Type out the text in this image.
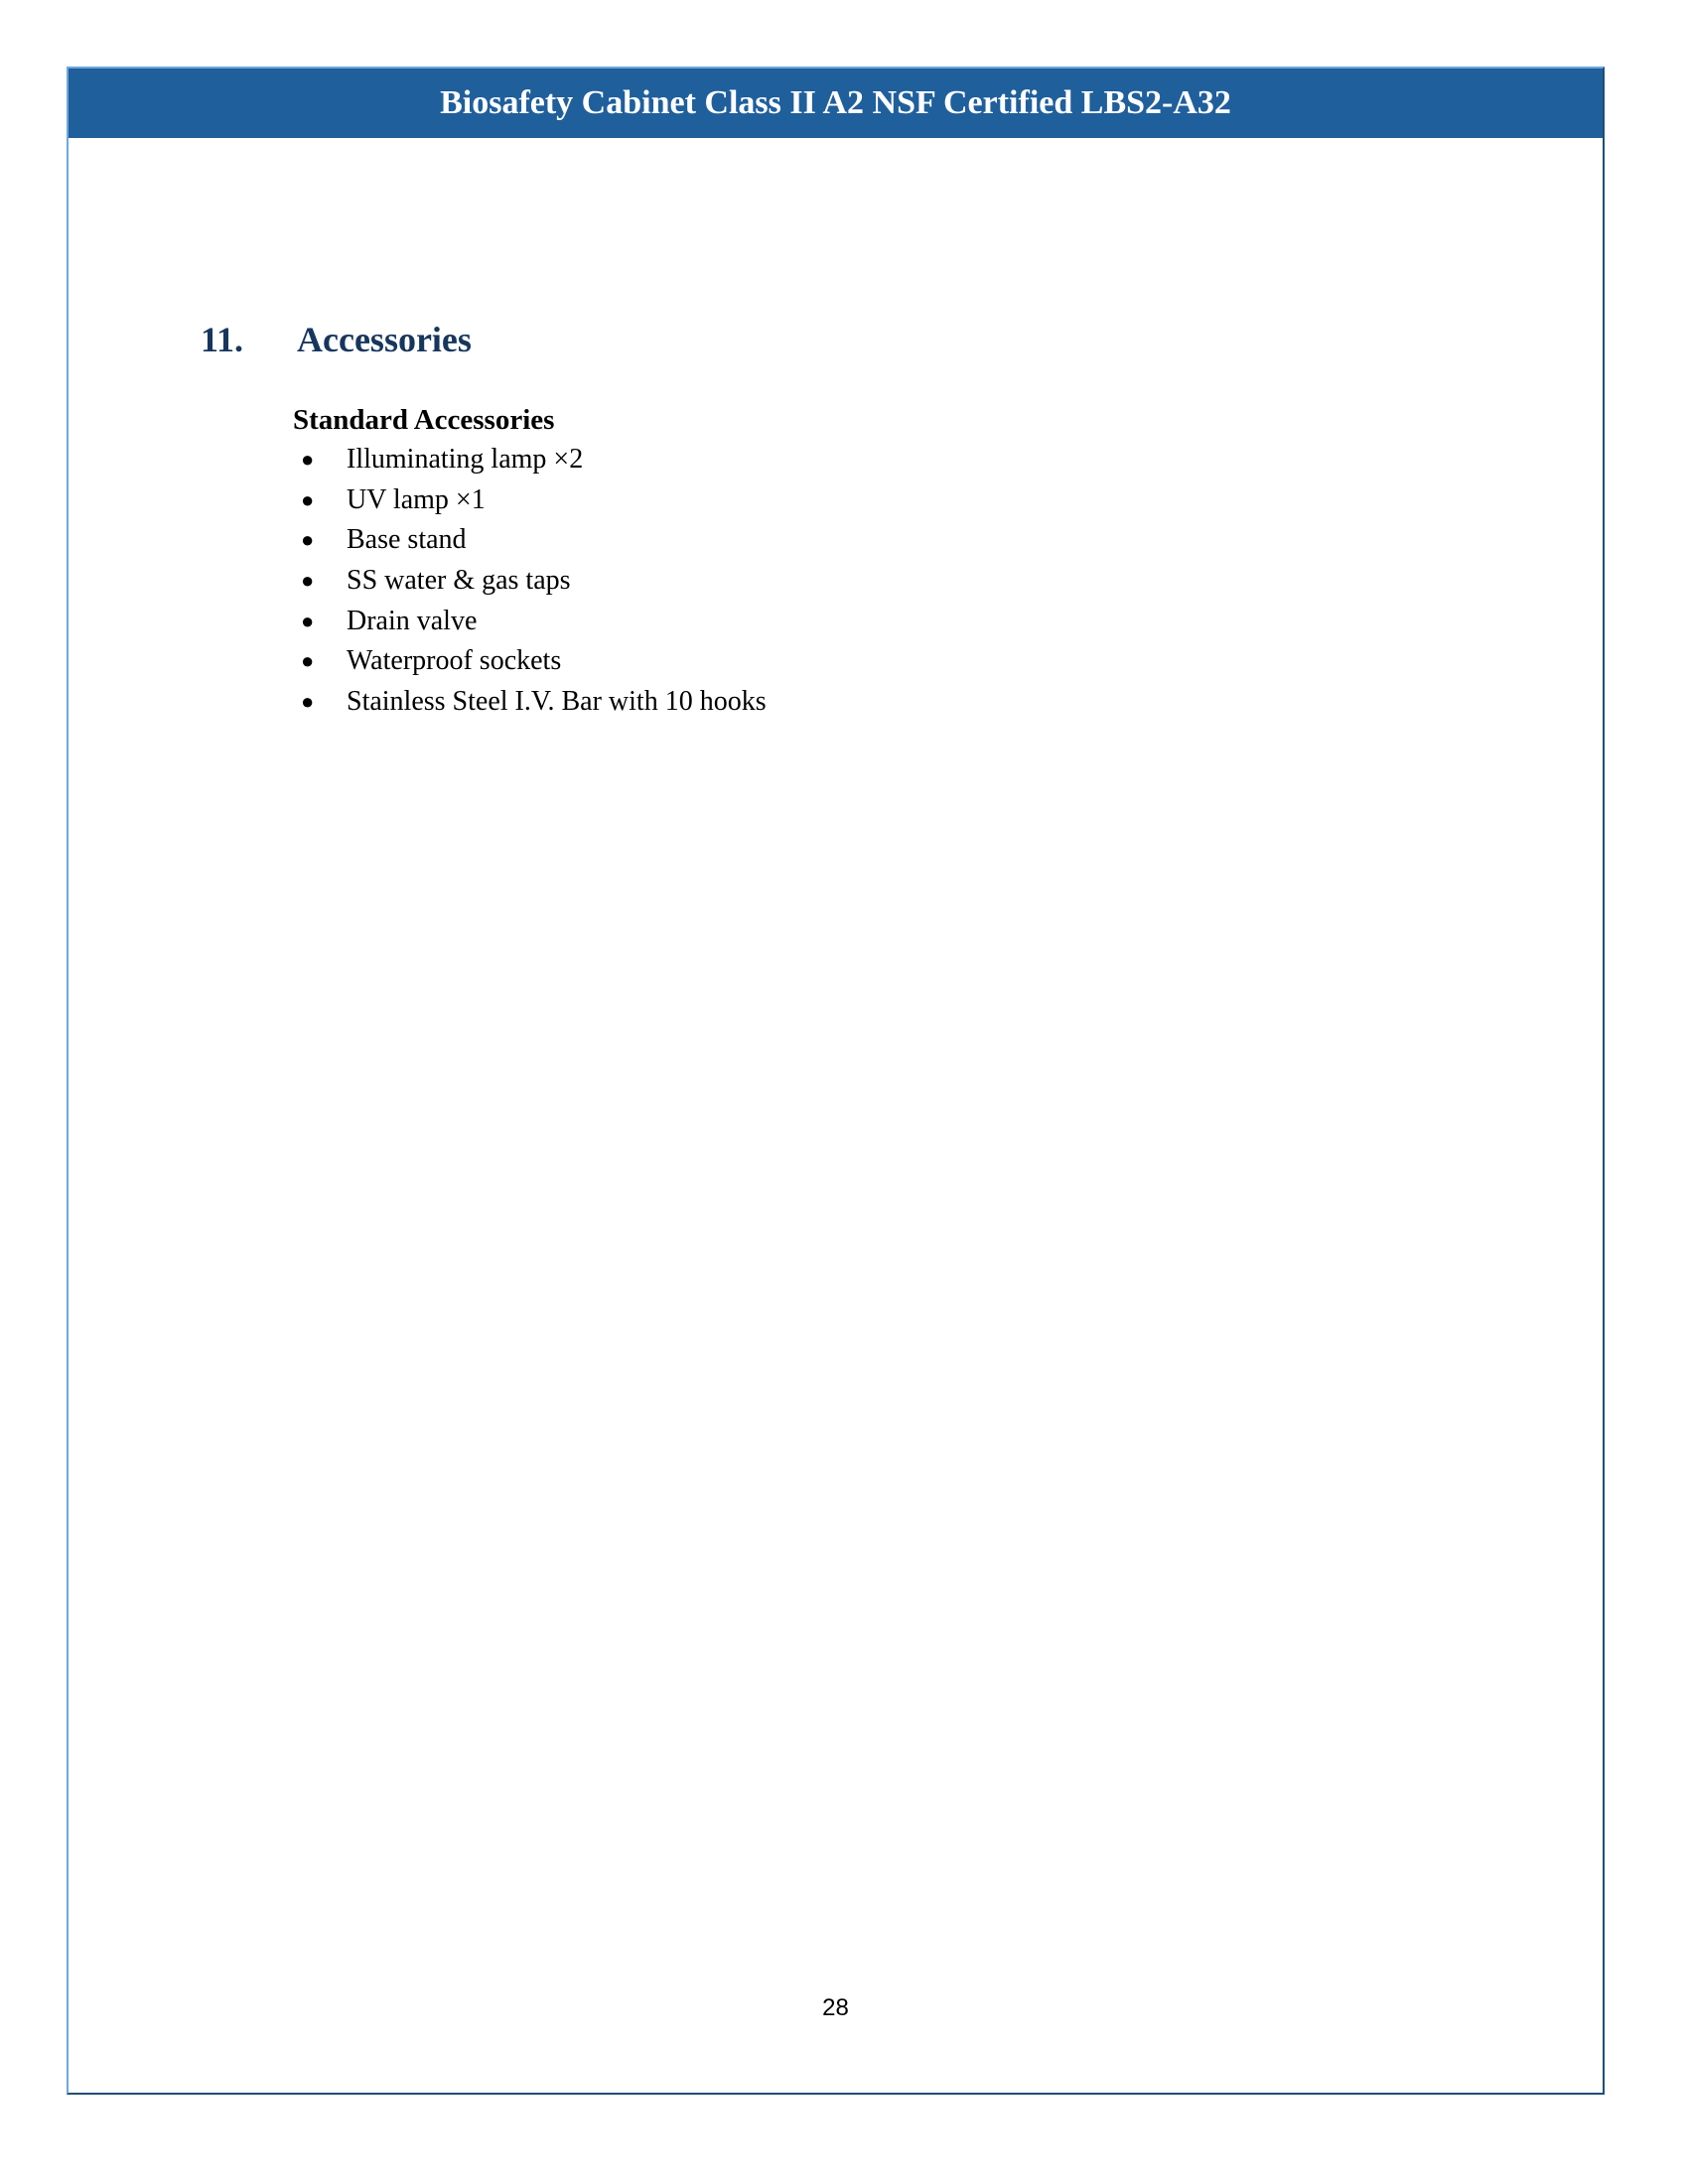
Biosafety Cabinet Class II A2 NSF Certified LBS2-A32
11. Accessories
Standard Accessories
●	Illuminating lamp ×2
●	UV lamp ×1
●	Base stand
●	SS water & gas taps
●	Drain valve
●	Waterproof sockets
●	Stainless Steel I.V. Bar with 10 hooks
28
